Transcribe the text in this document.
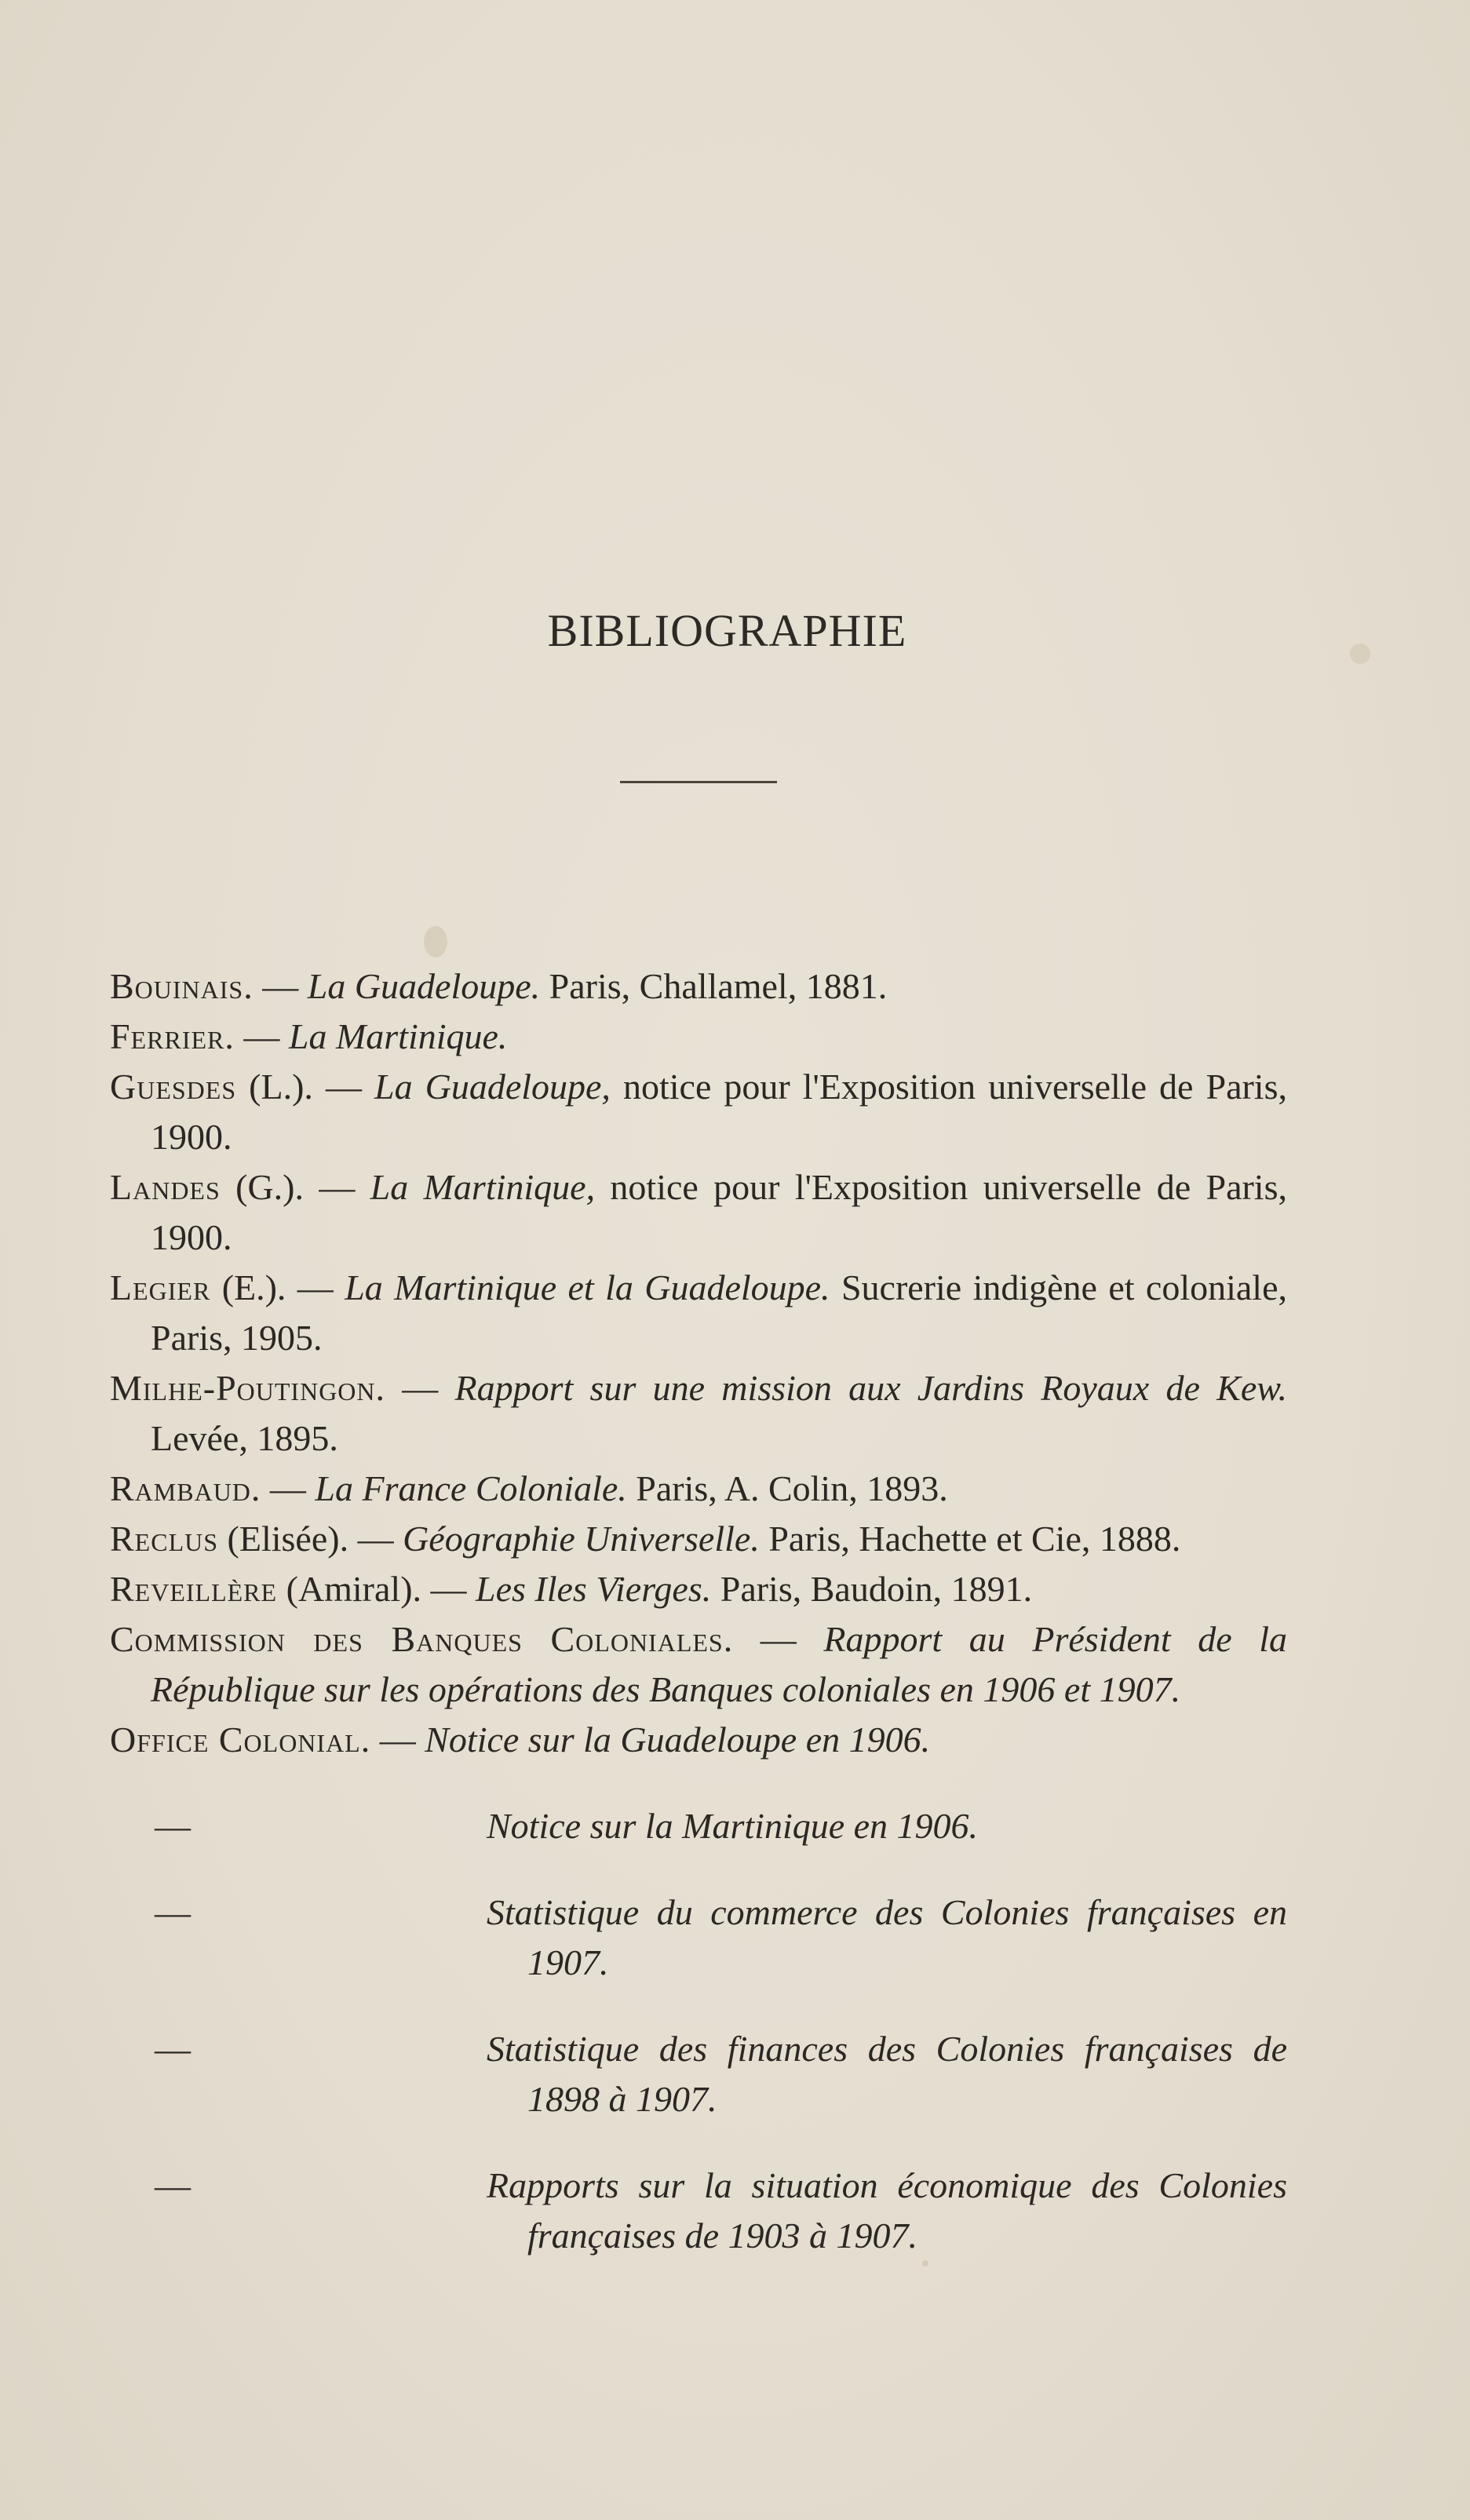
BIBLIOGRAPHIE

Bouinais. — La Guadeloupe. Paris, Challamel, 1881.

Ferrier. — La Martinique.

Guesdes (L.). — La Guadeloupe, notice pour l'Exposition universelle de Paris, 1900.

Landes (G.). — La Martinique, notice pour l'Exposition universelle de Paris, 1900.

Legier (E.). — La Martinique et la Guadeloupe. Sucrerie indigène et coloniale, Paris, 1905.

Milhe-Poutingon. — Rapport sur une mission aux Jardins Royaux de Kew. Levée, 1895.

Rambaud. — La France Coloniale. Paris, A. Colin, 1893.

Reclus (Elisée). — Géographie Universelle. Paris, Hachette et Cie, 1888.

Reveillère (Amiral). — Les Iles Vierges. Paris, Baudoin, 1891.

Commission des Banques Coloniales. — Rapport au Président de la République sur les opérations des Banques coloniales en 1906 et 1907.

Office Colonial. — Notice sur la Guadeloupe en 1906.

—	Notice sur la Martinique en 1906.

—	Statistique du commerce des Colonies françaises en 1907.

—	Statistique des finances des Colonies françaises de 1898 à 1907.

—	Rapports sur la situation économique des Colonies françaises de 1903 à 1907.
